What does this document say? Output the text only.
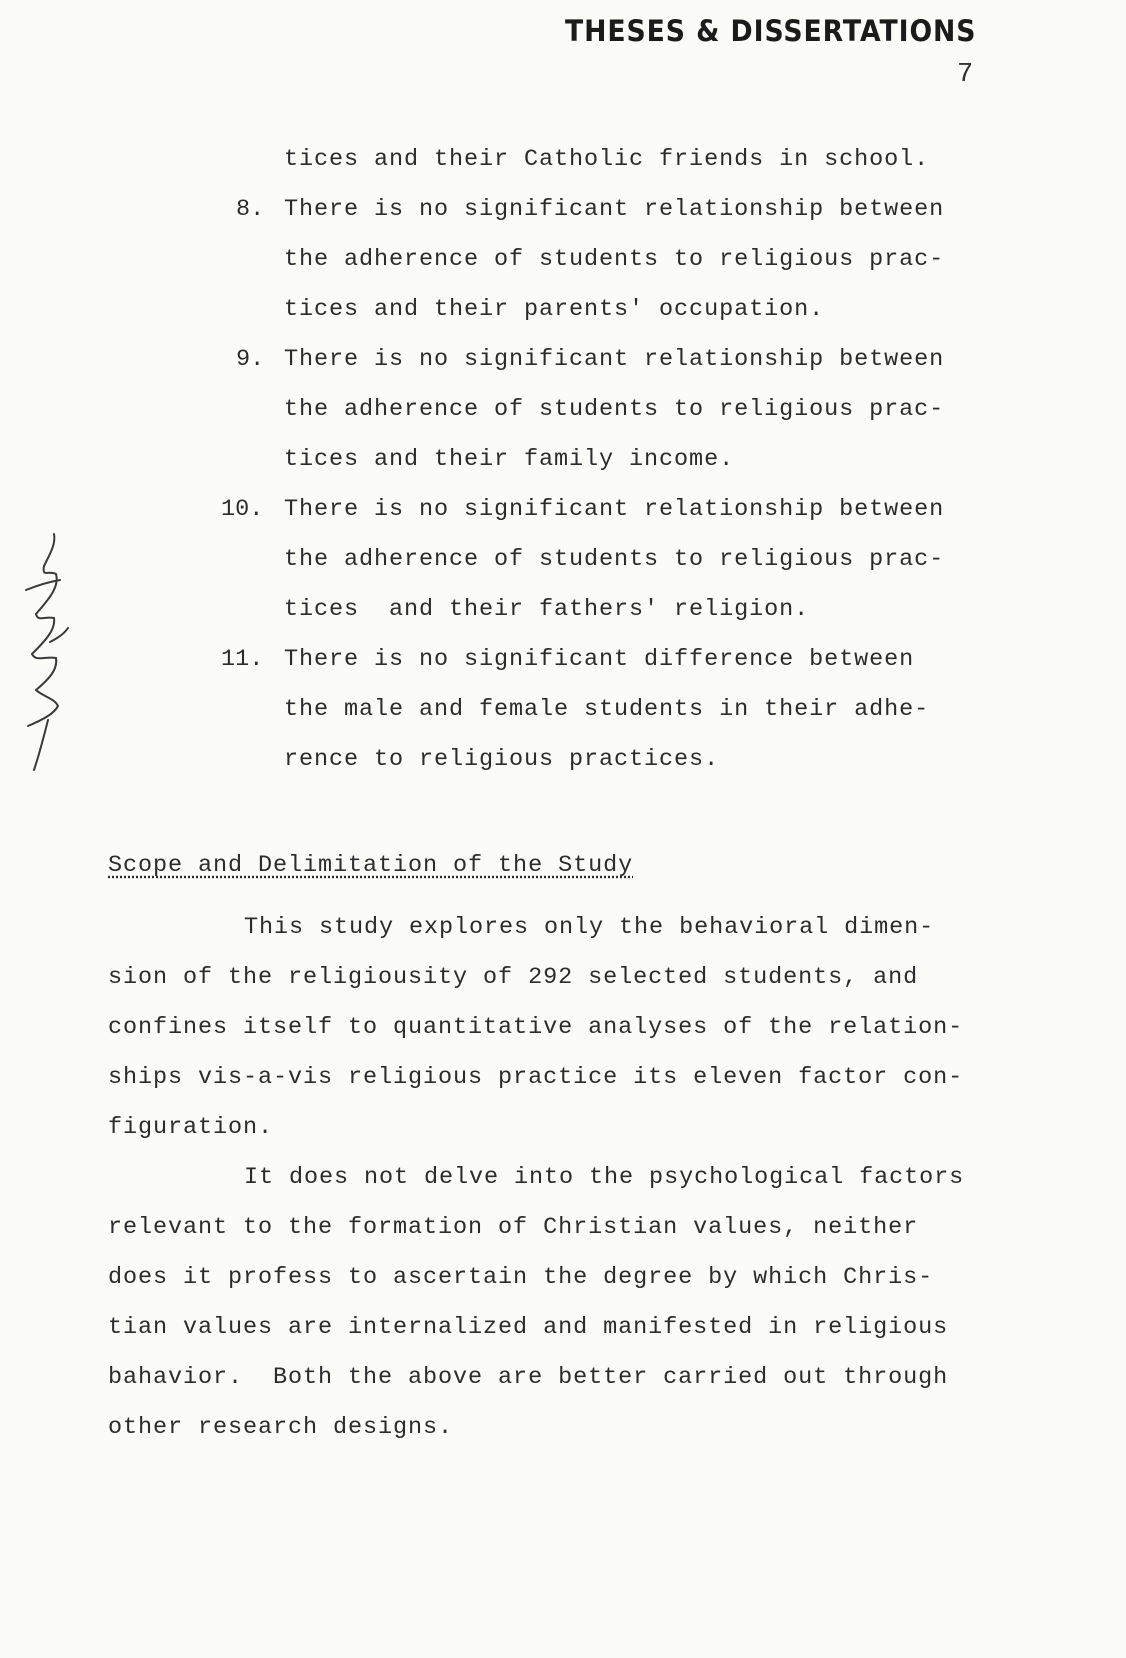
THESES & DISSERTATIONS
7
tices and their Catholic friends in school.
8. There is no significant relationship between
the adherence of students to religious prac-
tices and their parents' occupation.
9. There is no significant relationship between
the adherence of students to religious prac-
tices and their family income.
10. There is no significant relationship between
the adherence of students to religious prac-
tices  and their fathers' religion.
11. There is no significant difference between
the male and female students in their adhe-
rence to religious practices.
Scope and Delimitation of the Study
This study explores only the behavioral dimen-
sion of the religiousity of 292 selected students, and
confines itself to quantitative analyses of the relation-
ships vis-a-vis religious practice its eleven factor con-
figuration.
It does not delve into the psychological factors
relevant to the formation of Christian values, neither
does it profess to ascertain the degree by which Chris-
tian values are internalized and manifested in religious
bahavior.  Both the above are better carried out through
other research designs.
